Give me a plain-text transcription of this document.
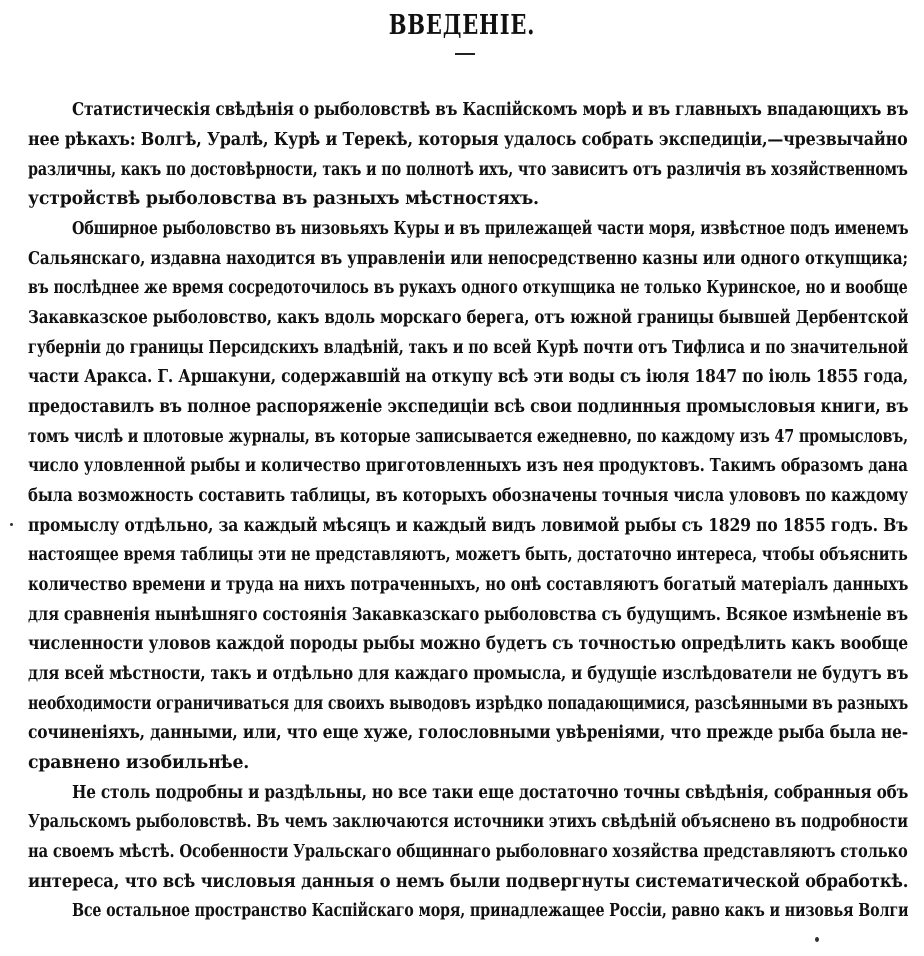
ВВЕДЕНІЕ.
Статистическія свѣдѣнія о рыболовствѣ въ Каспійскомъ морѣ и въ главныхъ впадающихъ въ
нее рѣкахъ: Волгѣ, Уралѣ, Курѣ и Терекѣ, которыя удалось собрать экспедиціи,—чрезвычайно
различны, какъ по достовѣрности, такъ и по полнотѣ ихъ, что зависитъ отъ различія въ хозяйственномъ
устройствѣ рыболовства въ разныхъ мѣстностяхъ.
Обширное рыболовство въ низовьяхъ Куры и въ прилежащей части моря, извѣстное подъ именемъ
Сальянскаго, издавна находится въ управленіи или непосредственно казны или одного откупщика;
въ послѣднее же время сосредоточилось въ рукахъ одного откупщика не только Куринское, но и вообще
Закавказское рыболовство, какъ вдоль морскаго берега, отъ южной границы бывшей Дербентской
губерніи до границы Персидскихъ владѣній, такъ и по всей Курѣ почти отъ Тифлиса и по значительной
части Аракса. Г. Аршакуни, содержавшій на откупу всѣ эти воды съ іюля 1847 по іюль 1855 года,
предоставилъ въ полное распоряженіе экспедиціи всѣ свои подлинныя промысловыя книги, въ
томъ числѣ и плотовые журналы, въ которые записывается ежедневно, по каждому изъ 47 промысловъ,
число уловленной рыбы и количество приготовленныхъ изъ нея продуктовъ. Такимъ образомъ дана
была возможность составить таблицы, въ которыхъ обозначены точныя числа улововъ по каждому
промыслу отдѣльно, за каждый мѣсяцъ и каждый видъ ловимой рыбы съ 1829 по 1855 годъ. Въ
настоящее время таблицы эти не представляютъ, можетъ быть, достаточно интереса, чтобы объяснить
количество времени и труда на нихъ потраченныхъ, но онѣ составляютъ богатый матеріалъ данныхъ
для сравненія нынѣшняго состоянія Закавказскаго рыболовства съ будущимъ. Всякое измѣненіе въ
численности уловов каждой породы рыбы можно будетъ съ точностью опредѣлить какъ вообще
для всей мѣстности, такъ и отдѣльно для каждаго промысла, и будущіе изслѣдователи не будутъ въ
необходимости ограничиваться для своихъ выводовъ изрѣдко попадающимися, разсѣянными въ разныхъ
сочиненіяхъ, данными, или, что еще хуже, голословными увѣреніями, что прежде рыба была не-
сравнено изобильнѣе.
Не столь подробны и раздѣльны, но все таки еще достаточно точны свѣдѣнія, собранныя объ
Уральскомъ рыболовствѣ. Въ чемъ заключаются источники этихъ свѣдѣній объяснено въ подробности
на своемъ мѣстѣ. Особенности Уральскаго общиннаго рыболовнаго хозяйства представляютъ столько
интереса, что всѣ числовыя данныя о немъ были подвергнуты систематической обработкѣ.
Все остальное пространство Каспійскаго моря, принадлежащее Россіи, равно какъ и низовья Волги
